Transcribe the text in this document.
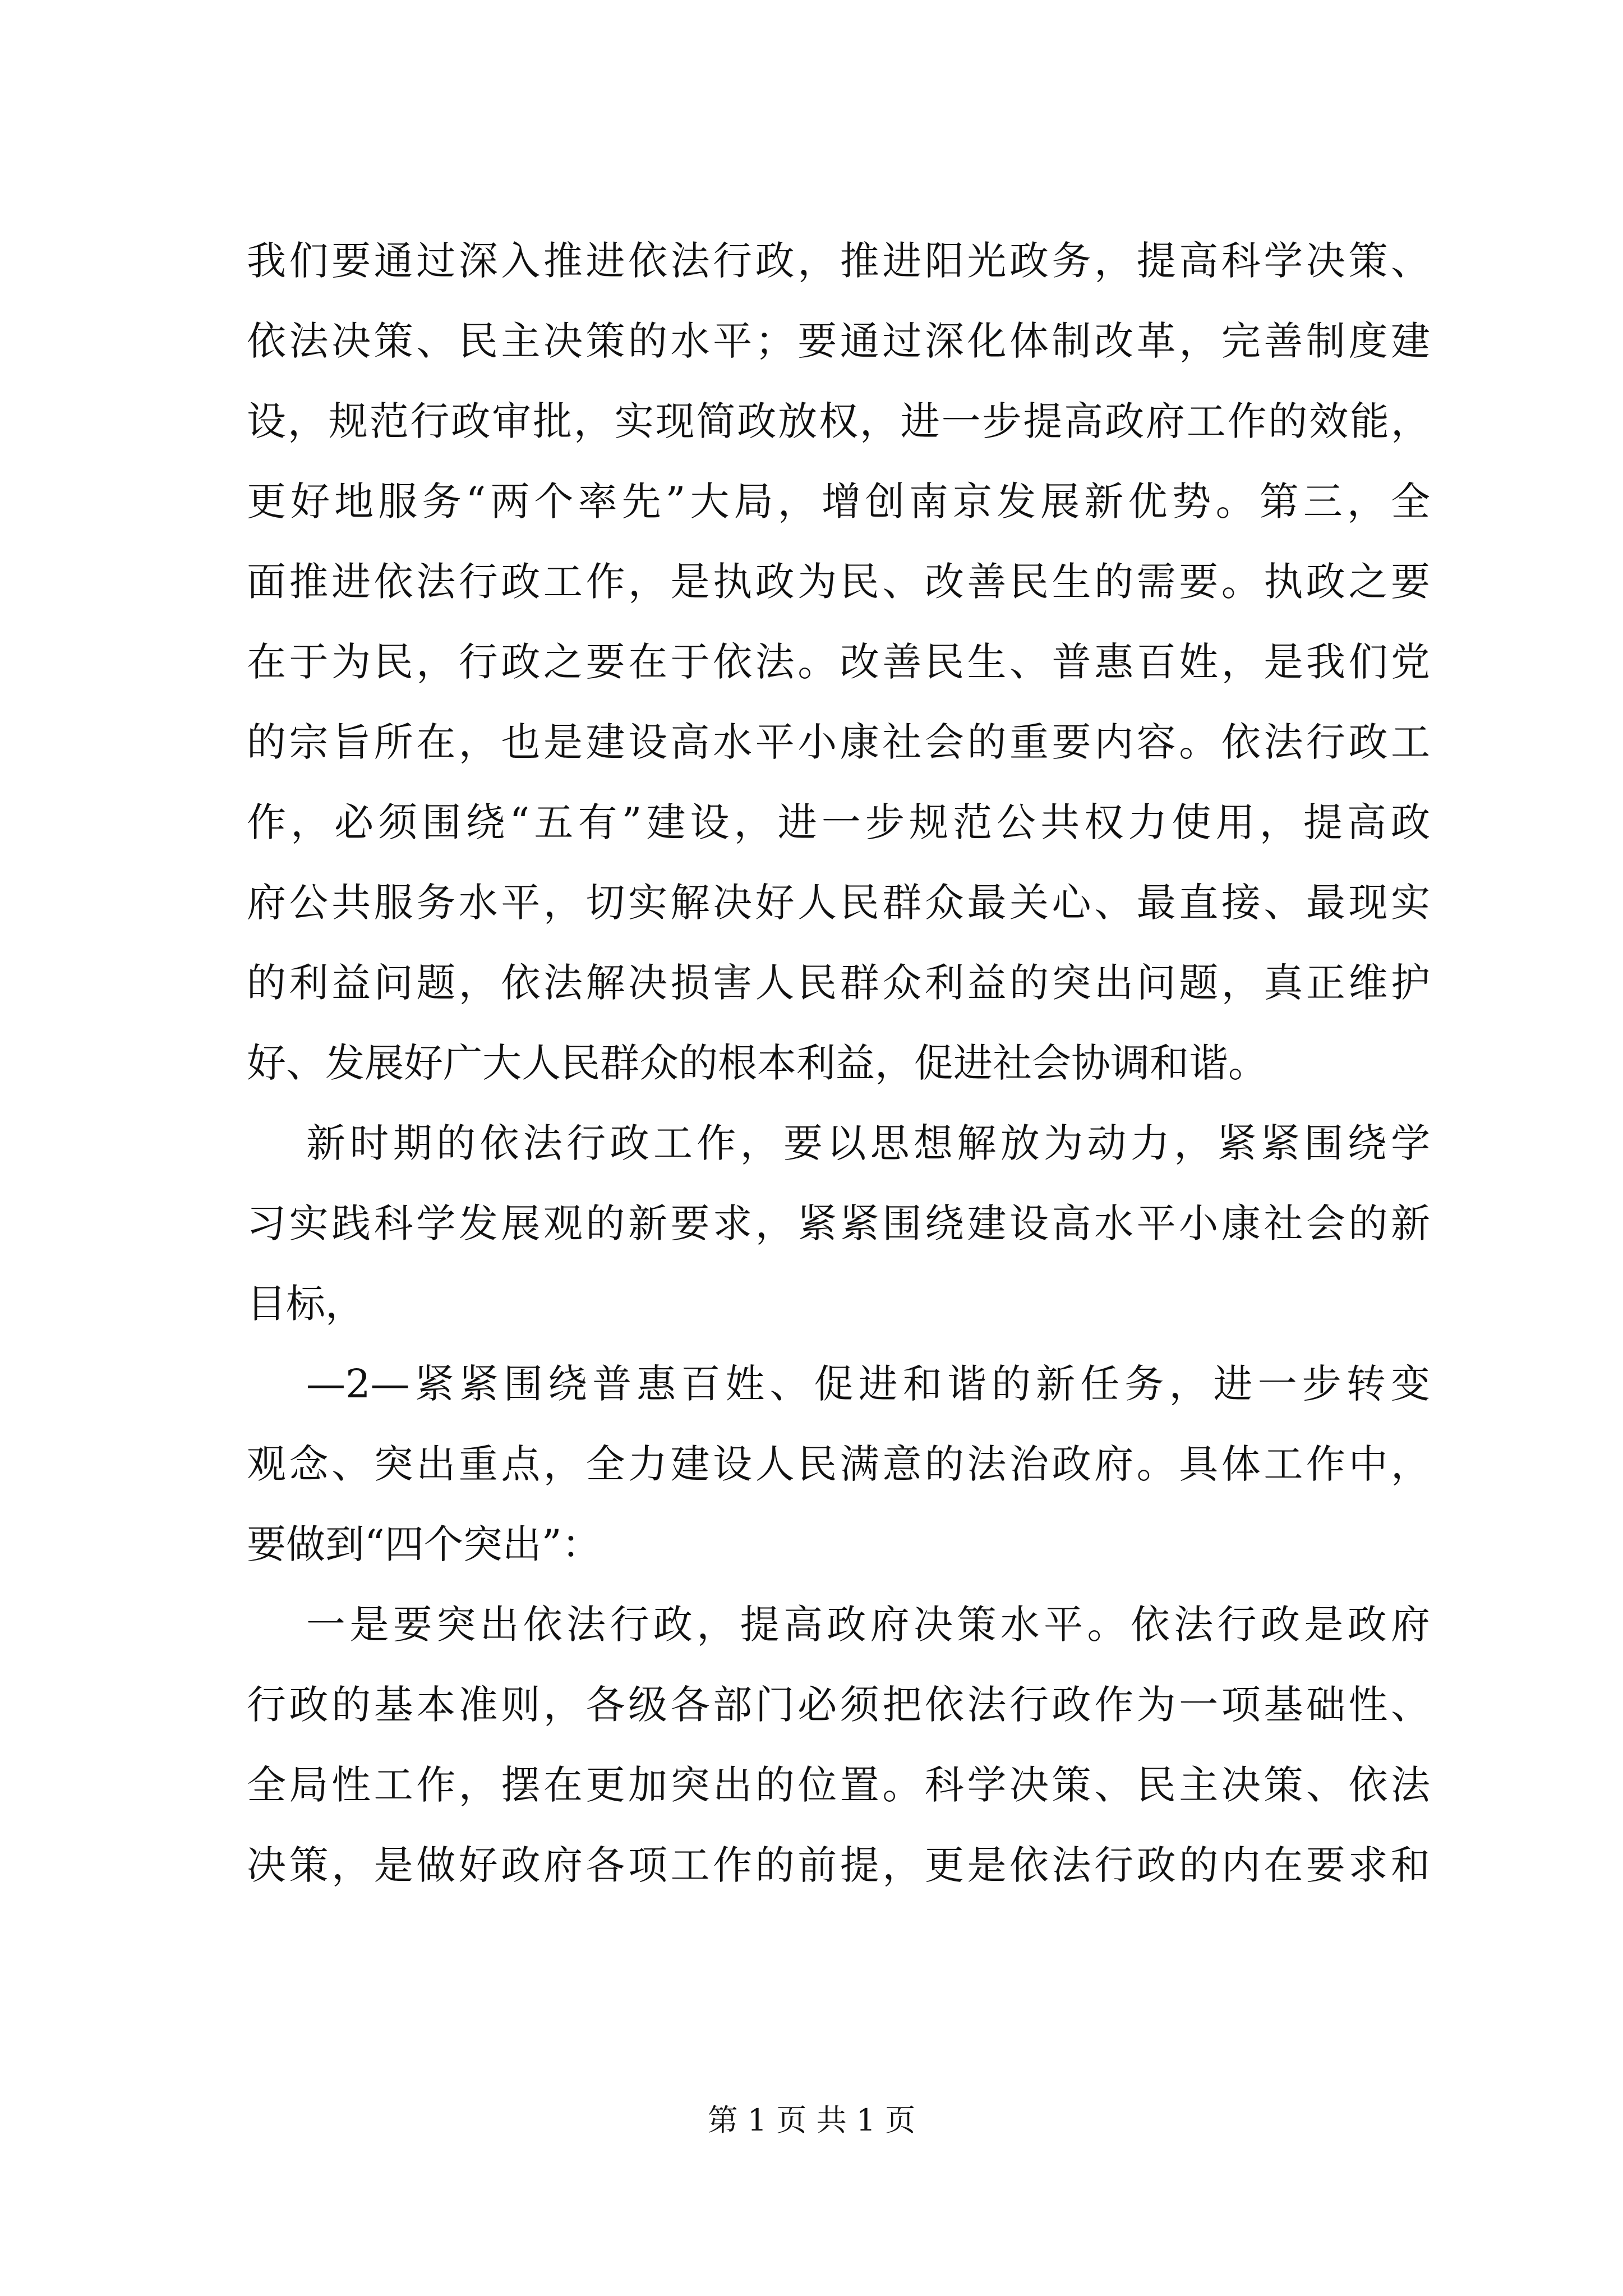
我们要通过深入推进依法行政，推进阳光政务，提高科学决策、
依法决策、民主决策的水平；要通过深化体制改革，完善制度建
设，规范行政审批，实现简政放权，进一步提高政府工作的效能，
更好地服务“两个率先”大局，增创南京发展新优势。第三，全
面推进依法行政工作，是执政为民、改善民生的需要。执政之要
在于为民，行政之要在于依法。改善民生、普惠百姓，是我们党
的宗旨所在，也是建设高水平小康社会的重要内容。依法行政工
作，必须围绕“五有”建设，进一步规范公共权力使用，提高政
府公共服务水平，切实解决好人民群众最关心、最直接、最现实
的利益问题，依法解决损害人民群众利益的突出问题，真正维护
好、发展好广大人民群众的根本利益，促进社会协调和谐。
新时期的依法行政工作，要以思想解放为动力，紧紧围绕学
习实践科学发展观的新要求，紧紧围绕建设高水平小康社会的新
目标，
—2—紧紧围绕普惠百姓、促进和谐的新任务，进一步转变
观念、突出重点，全力建设人民满意的法治政府。具体工作中，
要做到“四个突出”：
一是要突出依法行政，提高政府决策水平。依法行政是政府
行政的基本准则，各级各部门必须把依法行政作为一项基础性、
全局性工作，摆在更加突出的位置。科学决策、民主决策、依法
决策，是做好政府各项工作的前提，更是依法行政的内在要求和
第 1 页 共 1 页
